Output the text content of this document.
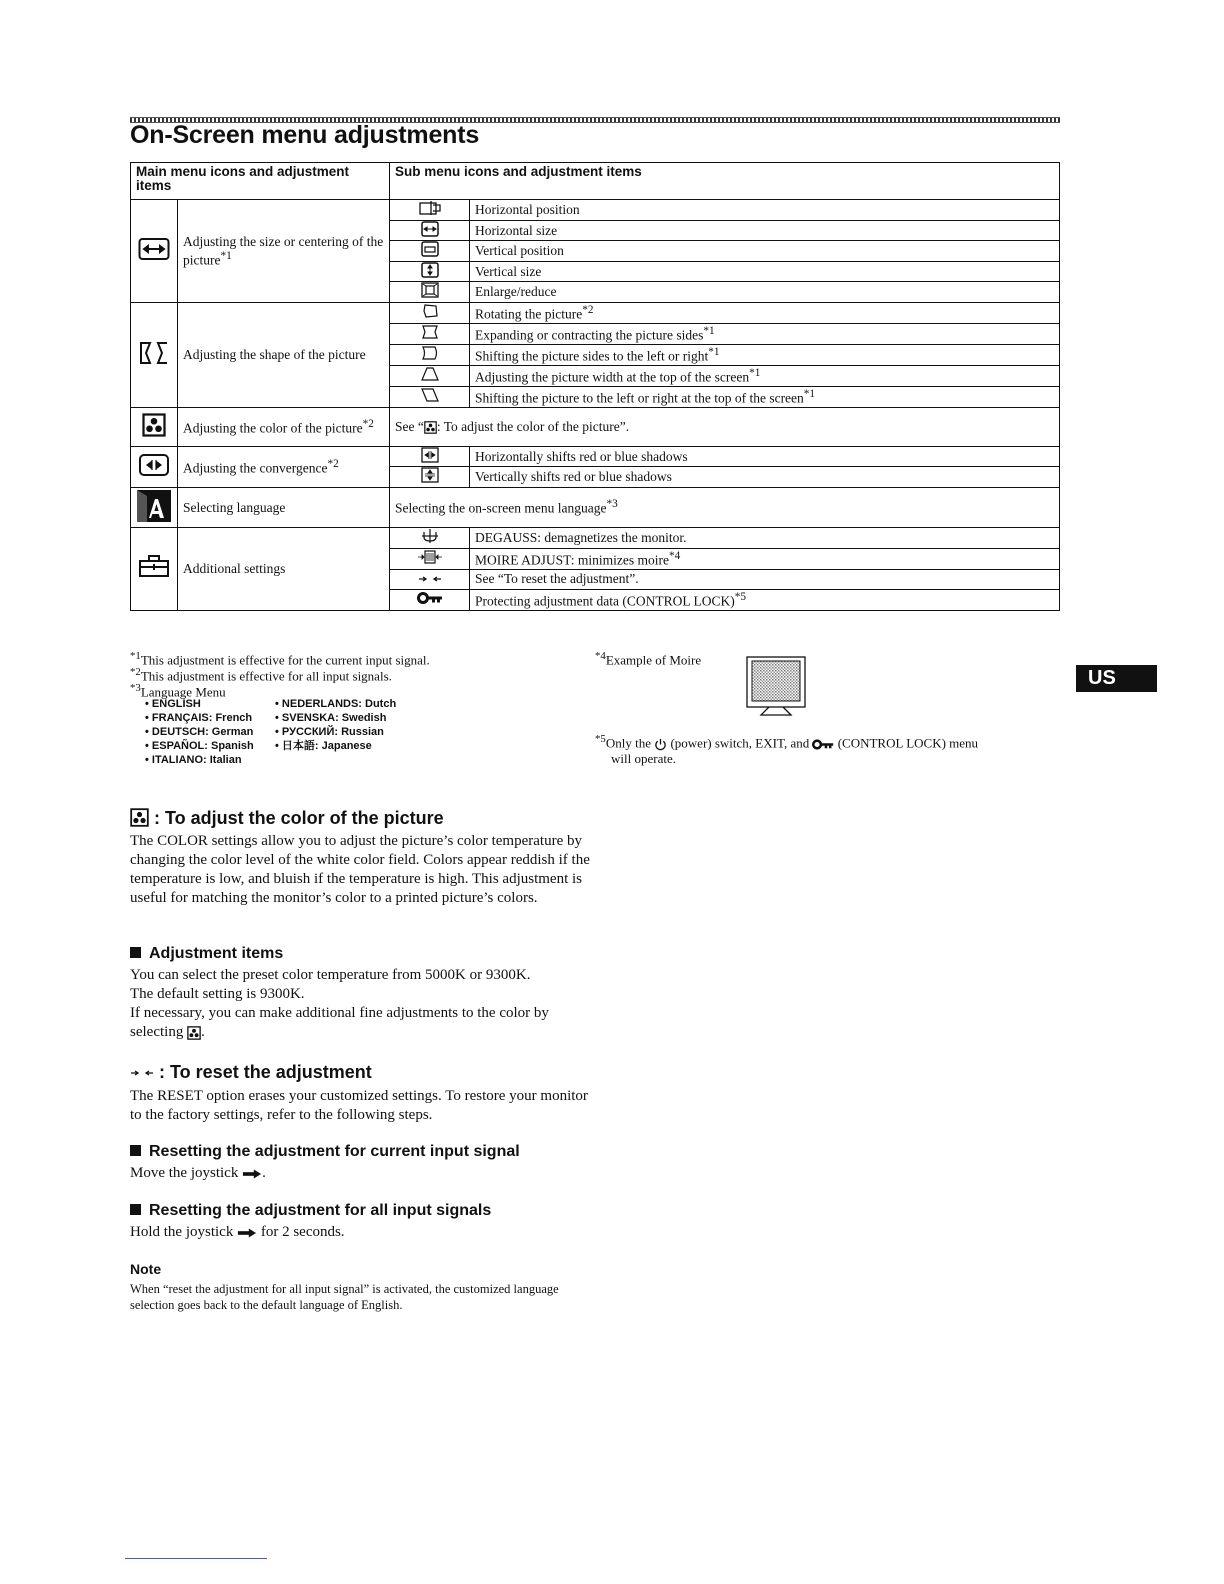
On-Screen menu adjustments
Main menu icons and adjustment items		Sub menu icons and adjustment items	
	Adjusting the size or centering of the picture$^{*1}$		Horizontal position
	Horizontal size
	Vertical position
	Vertical size
	Enlarge/reduce
	Adjusting the shape of the picture		Rotating the picture$^{*2}$
	Expanding or contracting the picture sides$^{*1}$
	Shifting the picture sides to the left or right$^{*1}$
	Adjusting the picture width at the top of the screen$^{*1}$
	Shifting the picture to the left or right at the top of the screen$^{*1}$
	Adjusting the color of the picture$^{*2}$	See “ : To adjust the color of the picture”.	
	Adjusting the convergence$^{*2}$		Horizontally shifts red or blue shadows
	Vertically shifts red or blue shadows
	Selecting language	Selecting the on-screen menu language$^{*3}$
	Additional settings		DEGAUSS: demagnetizes the monitor.
	MOIRE ADJUST: minimizes moire$^{*4}$
	See “To reset the adjustment”.
	Protecting adjustment data (CONTROL LOCK)$^{*5}$
$^{*1}$This adjustment is effective for the current input signal.
$^{*2}$This adjustment is effective for all input signals.
$^{*3}$Language Menu
• ENGLISH
• FRANÇAIS: French
• DEUTSCH: German
• ESPAÑOL: Spanish
• ITALIANO: Italian
• NEDERLANDS: Dutch
• SVENSKA: Swedish
• РУССКИЙ: Russian
• 日本語: Japanese
$^{*4}$Example of Moire
$^{*5}$Only the (power) switch, EXIT, and (CONTROL LOCK) menu
will operate.
US
: To adjust the color of the picture
The COLOR settings allow you to adjust the picture’s color temperature by changing the color level of the white color field. Colors appear reddish if the temperature is low, and bluish if the temperature is high. This adjustment is useful for matching the monitor’s color to a printed picture’s colors.
Adjustment items
You can select the preset color temperature from 5000K or 9300K.
The default setting is 9300K.
If necessary, you can make additional fine adjustments to the color by selecting .
: To reset the adjustment
The RESET option erases your customized settings. To restore your monitor to the factory settings, refer to the following steps.
Resetting the adjustment for current input signal
Move the joystick .
Resetting the adjustment for all input signals
Hold the joystick for 2 seconds.
Note
When “reset the adjustment for all input signal” is activated, the customized language selection goes back to the default language of English.
